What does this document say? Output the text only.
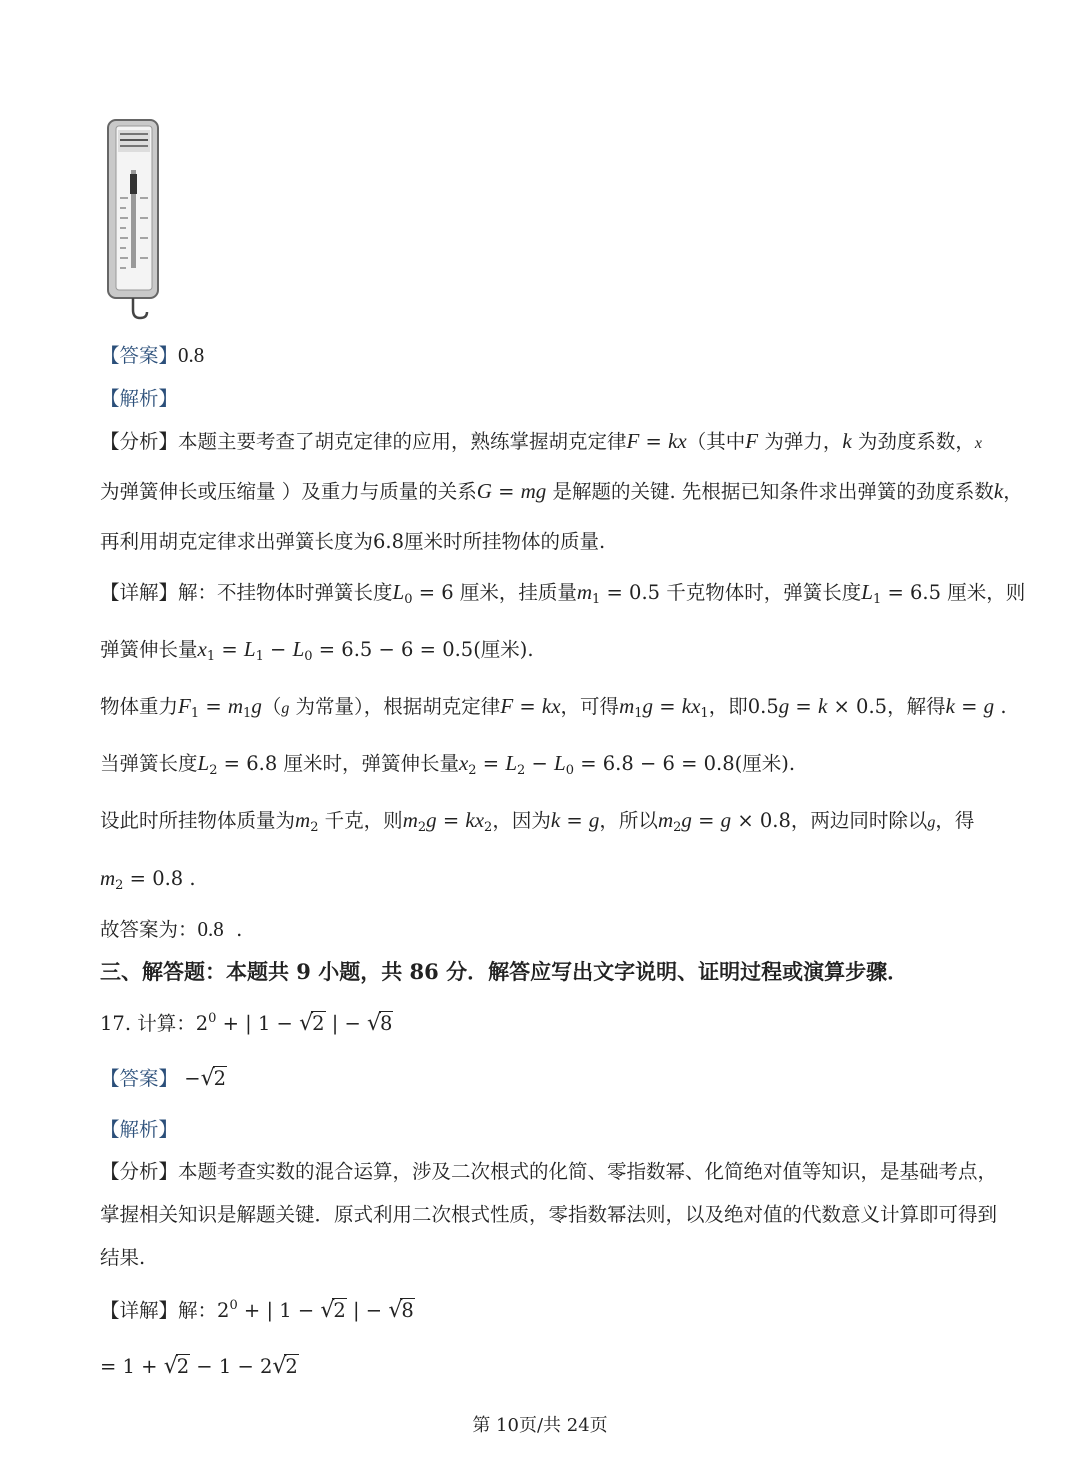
【答案】0.8
【解析】
【分析】本题主要考查了胡克定律的应用，熟练掌握胡克定律F = kx（其中F 为弹力，k 为劲度系数，x
为弹簧伸长或压缩量 ）及重力与质量的关系G = mg 是解题的关键. 先根据已知条件求出弹簧的劲度系数k，
再利用胡克定律求出弹簧长度为6.8厘米时所挂物体的质量.
【详解】解：不挂物体时弹簧长度$L_0 = 6$ 厘米，挂质量$m_1 = 0.5$ 千克物体时，弹簧长度$L_1 = 6.5$ 厘米，则
弹簧伸长量$x_1 = L_1 - L_0 = 6.5 - 6 = 0.5$(厘米).
物体重力$F_1 = m_1g(g$ 为常量），根据胡克定律F = kx，可得$m_1g = kx_1$，即0.5g = k × 0.5，解得k = g .
当弹簧长度$L_2 = 6.8$ 厘米时，弹簧伸长量$x_2 = L_2 - L_0 = 6.8 - 6 = 0.8$(厘米).
设此时所挂物体质量为$m_2$ 千克，则$m_2g = kx_2$，因为k = g，所以$m_2g = g \times 0.8$，两边同时除以g，得
$m_2 = 0.8$ .
故答案为：0.8 .
三、解答题：本题共 9 小题，共 86 分．解答应写出文字说明、证明过程或演算步骤．
17. 计算：$2^0$ + | 1 − √ 2 | − √ 8
【答案】 − √ 2
【解析】
【分析】本题考查实数的混合运算，涉及二次根式的化简、零指数幂、化简绝对值等知识，是基础考点，
掌握相关知识是解题关键．原式利用二次根式性质，零指数幂法则，以及绝对值的代数意义计算即可得到
结果.
【详解】解：$2^0$ + | 1 − √ 2 | − √ 8
= 1 + √ 2 − 1 − 2 √ 2
第 10页/共 24页
